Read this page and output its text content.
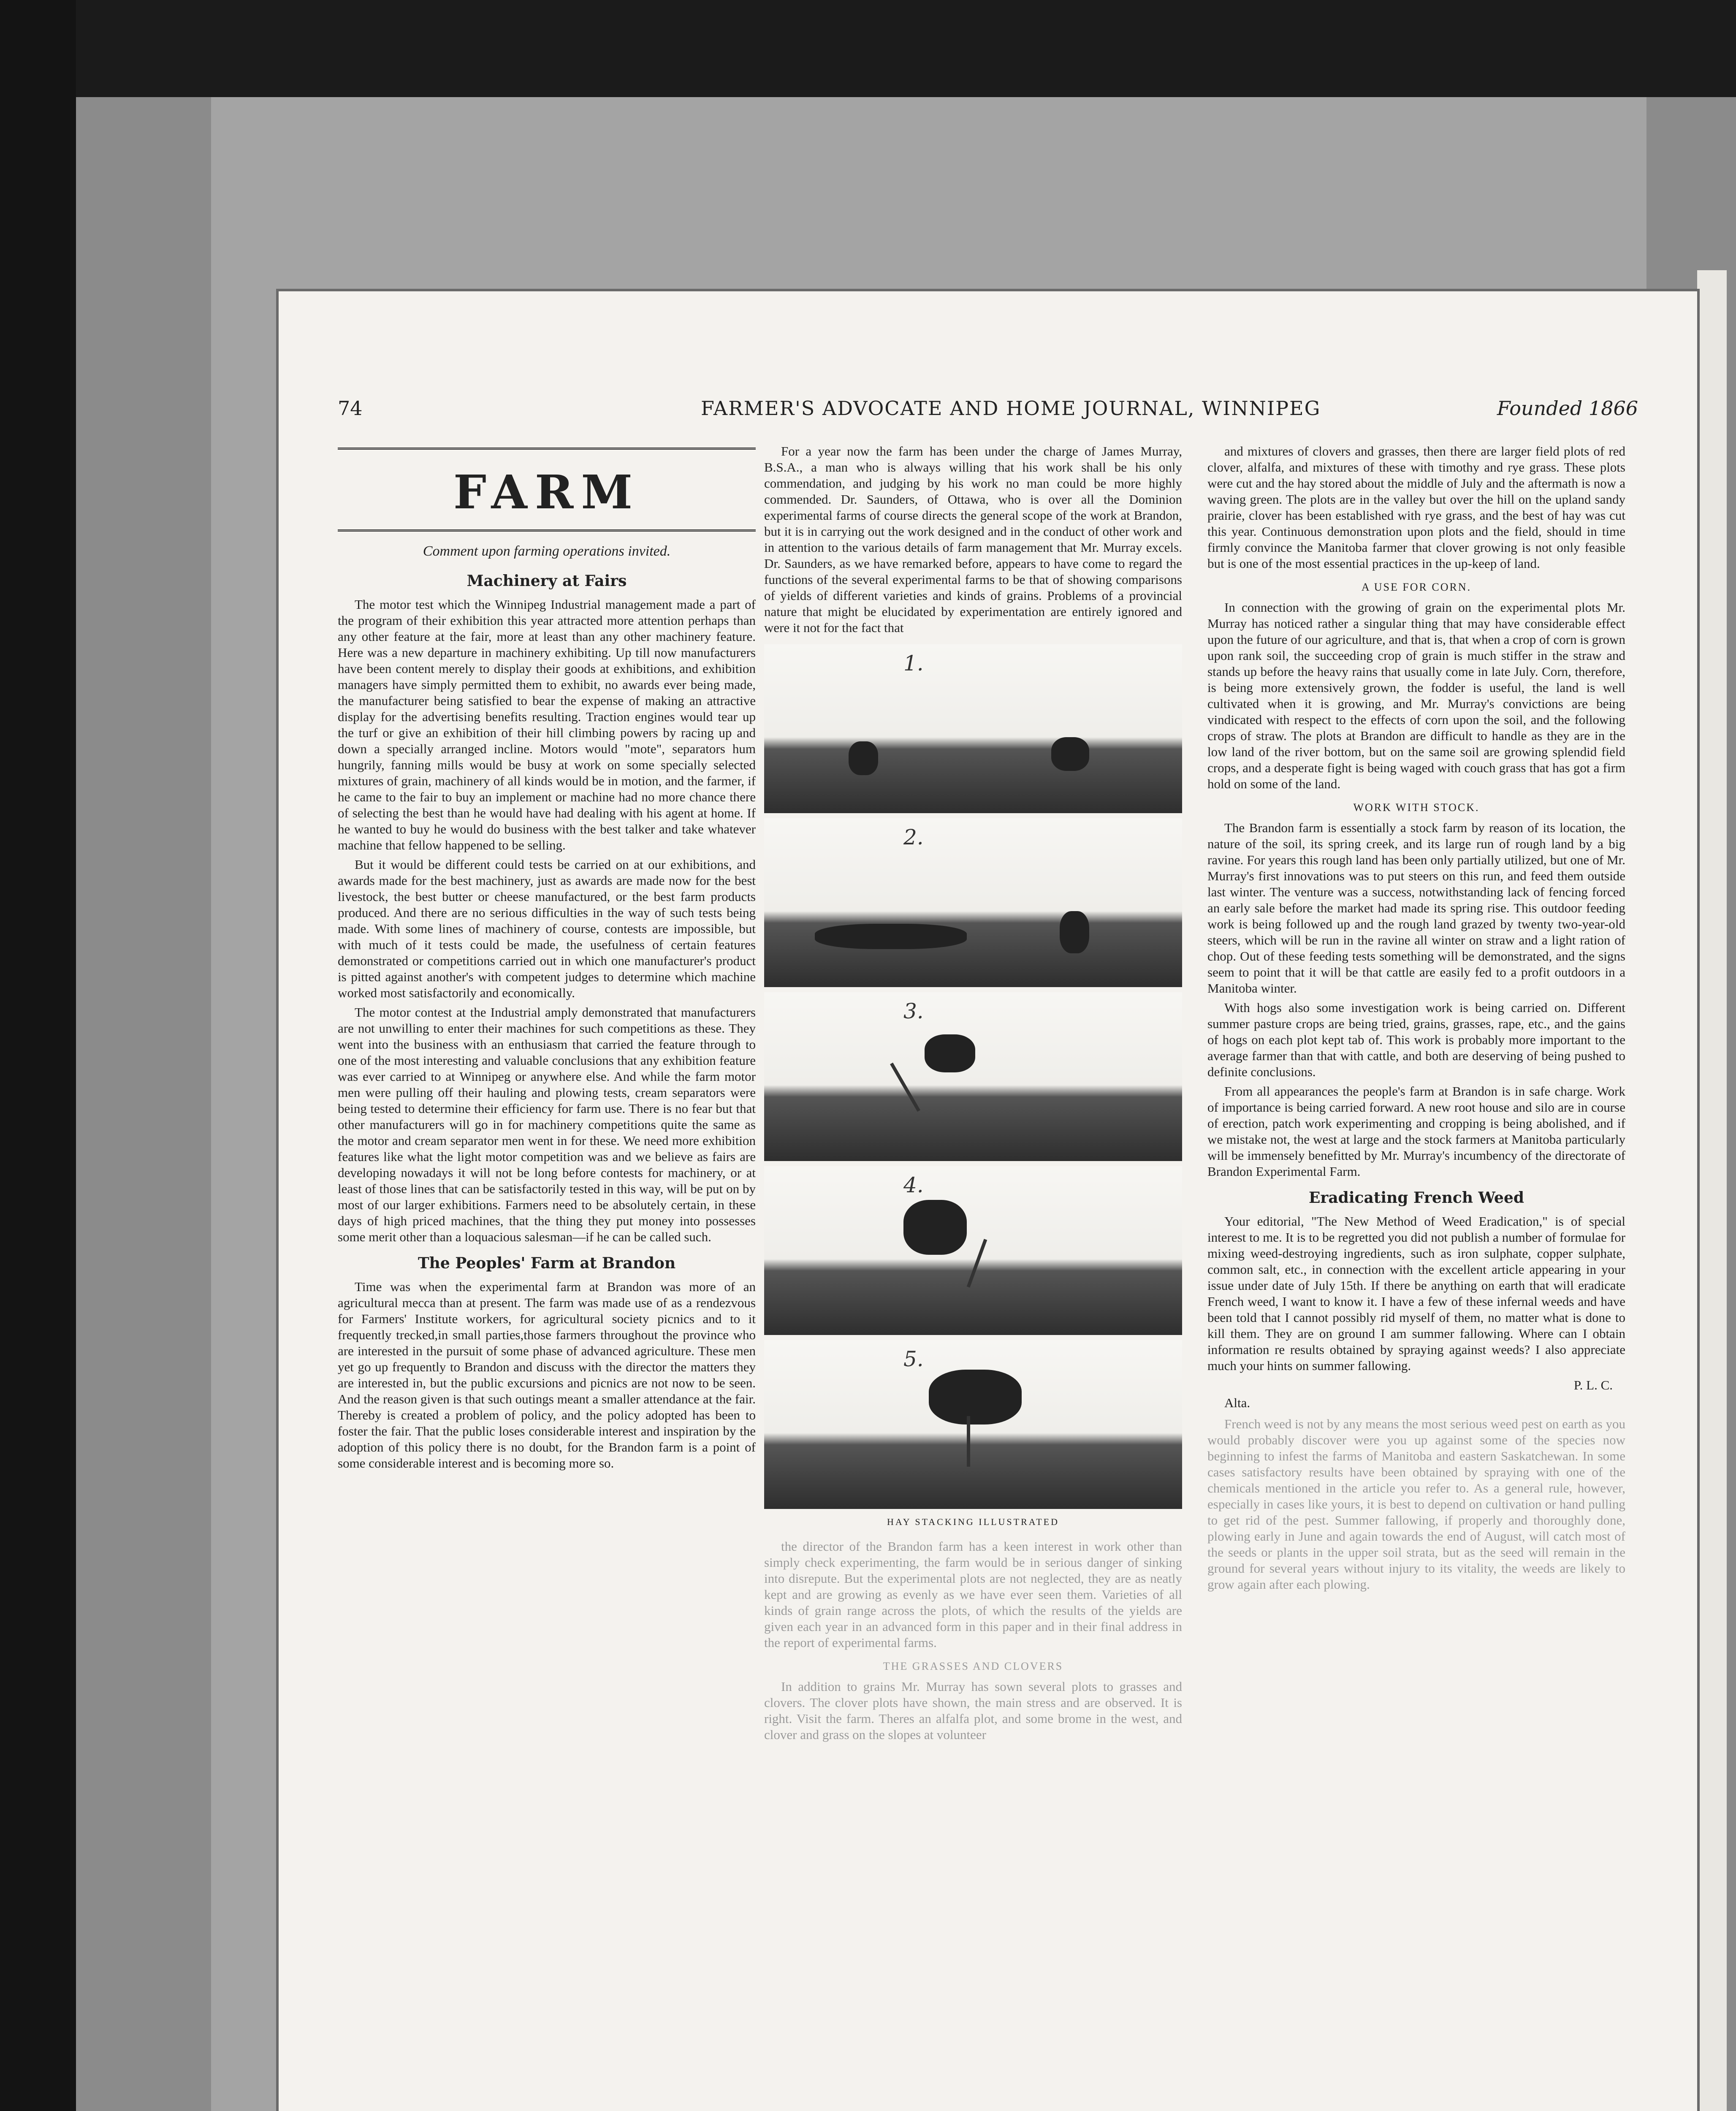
74	FARMER'S ADVOCATE AND HOME JOURNAL, WINNIPEG	Founded 1866
FARM
Comment upon farming operations invited.
Machinery at Fairs

The motor test which the Winnipeg Industrial management made a part of the program of their exhibition this year attracted more attention perhaps than any other feature at the fair, more at least than any other machinery feature. Here was a new departure in machinery exhibiting. Up till now manufacturers have been content merely to display their goods at exhibitions, and exhibition managers have simply permitted them to exhibit, no awards ever being made, the manufacturer being satisfied to bear the expense of making an attractive display for the advertising benefits resulting. Traction engines would tear up the turf or give an exhibition of their hill climbing powers by racing up and down a specially arranged incline. Motors would "mote", separators hum hungrily, fanning mills would be busy at work on some specially selected mixtures of grain, machinery of all kinds would be in motion, and the farmer, if he came to the fair to buy an implement or machine had no more chance there of selecting the best than he would have had dealing with his agent at home. If he wanted to buy he would do business with the best talker and take whatever machine that fellow happened to be selling.

But it would be different could tests be carried on at our exhibitions, and awards made for the best machinery, just as awards are made now for the best livestock, the best butter or cheese manufactured, or the best farm products produced. And there are no serious difficulties in the way of such tests being made. With some lines of machinery of course, contests are impossible, but with much of it tests could be made, the usefulness of certain features demonstrated or competitions carried out in which one manufacturer's product is pitted against another's with competent judges to determine which machine worked most satisfactorily and economically.

The motor contest at the Industrial amply demonstrated that manufacturers are not unwilling to enter their machines for such competitions as these. They went into the business with an enthusiasm that carried the feature through to one of the most interesting and valuable conclusions that any exhibition feature was ever carried to at Winnipeg or anywhere else. And while the farm motor men were pulling off their hauling and plowing tests, cream separators were being tested to determine their efficiency for farm use. There is no fear but that other manufacturers will go in for machinery competitions quite the same as the motor and cream separator men went in for these. We need more exhibition features like what the light motor competition was and we believe as fairs are developing nowadays it will not be long before contests for machinery, or at least of those lines that can be satisfactorily tested in this way, will be put on by most of our larger exhibitions. Farmers need to be absolutely certain, in these days of high priced machines, that the thing they put money into possesses some merit other than a loquacious salesman—if he can be called such.

The Peoples' Farm at Brandon

Time was when the experimental farm at Brandon was more of an agricultural mecca than at present. The farm was made use of as a rendezvous for Farmers' Institute workers, for agricultural society picnics and to it frequently trecked,in small parties,those farmers throughout the province who are interested in the pursuit of some phase of advanced agriculture. These men yet go up frequently to Brandon and discuss with the director the matters they are interested in, but the public excursions and picnics are not now to be seen. And the reason given is that such outings meant a smaller attendance at the fair. Thereby is created a problem of policy, and the policy adopted has been to foster the fair. That the public loses considerable interest and inspiration by the adoption of this policy there is no doubt, for the Brandon farm is a point of some considerable interest and is becoming more so.

For a year now the farm has been under the charge of James Murray, B.S.A., a man who is always willing that his work shall be his only commendation, and judging by his work no man could be more highly commended. Dr. Saunders, of Ottawa, who is over all the Dominion experimental farms of course directs the general scope of the work at Brandon, but it is in carrying out the work designed and in the conduct of other work and in attention to the various details of farm management that Mr. Murray excels. Dr. Saunders, as we have remarked before, appears to have come to regard the functions of the several experimental farms to be that of showing comparisons of yields of different varieties and kinds of grains. Problems of a provincial nature that might be elucidated by experimentation are entirely ignored and were it not for the fact that

1.
2.
3.
4.
5.
HAY STACKING ILLUSTRATED

the director of the Brandon farm has a keen interest in work other than simply check experimenting, the farm would be in serious danger of sinking into disrepute. But the experimental plots are not neglected, they are as neatly kept and are growing as evenly as we have ever seen them. Varieties of all kinds of grain range across the plots, of which the results of the yields are given each year in an advanced form in this paper and in their final address in the report of experimental farms.

THE GRASSES AND CLOVERS

In addition to grains Mr. Murray has sown several plots to grasses and clovers. The clover plots have shown, the main stress and are observed. It is right. Visit the farm. Theres an alfalfa plot, and some brome in the west, and clover and grass on the slopes at volunteer

and mixtures of clovers and grasses, then there are larger field plots of red clover, alfalfa, and mixtures of these with timothy and rye grass. These plots were cut and the hay stored about the middle of July and the aftermath is now a waving green. The plots are in the valley but over the hill on the upland sandy prairie, clover has been established with rye grass, and the best of hay was cut this year. Continuous demonstration upon plots and the field, should in time firmly convince the Manitoba farmer that clover growing is not only feasible but is one of the most essential practices in the up-keep of land.

A USE FOR CORN.

In connection with the growing of grain on the experimental plots Mr. Murray has noticed rather a singular thing that may have considerable effect upon the future of our agriculture, and that is, that when a crop of corn is grown upon rank soil, the succeeding crop of grain is much stiffer in the straw and stands up before the heavy rains that usually come in late July. Corn, therefore, is being more extensively grown, the fodder is useful, the land is well cultivated when it is growing, and Mr. Murray's convictions are being vindicated with respect to the effects of corn upon the soil, and the following crops of straw. The plots at Brandon are difficult to handle as they are in the low land of the river bottom, but on the same soil are growing splendid field crops, and a desperate fight is being waged with couch grass that has got a firm hold on some of the land.

WORK WITH STOCK.

The Brandon farm is essentially a stock farm by reason of its location, the nature of the soil, its spring creek, and its large run of rough land by a big ravine. For years this rough land has been only partially utilized, but one of Mr. Murray's first innovations was to put steers on this run, and feed them outside last winter. The venture was a success, notwithstanding lack of fencing forced an early sale before the market had made its spring rise. This outdoor feeding work is being followed up and the rough land grazed by twenty two-year-old steers, which will be run in the ravine all winter on straw and a light ration of chop. Out of these feeding tests something will be demonstrated, and the signs seem to point that it will be that cattle are easily fed to a profit outdoors in a Manitoba winter.

With hogs also some investigation work is being carried on. Different summer pasture crops are being tried, grains, grasses, rape, etc., and the gains of hogs on each plot kept tab of. This work is probably more important to the average farmer than that with cattle, and both are deserving of being pushed to definite conclusions.

From all appearances the people's farm at Brandon is in safe charge. Work of importance is being carried forward. A new root house and silo are in course of erection, patch work experimenting and cropping is being abolished, and if we mistake not, the west at large and the stock farmers at Manitoba particularly will be immensely benefitted by Mr. Murray's incumbency of the directorate of Brandon Experimental Farm.

Eradicating French Weed

Your editorial, "The New Method of Weed Eradication," is of special interest to me. It is to be regretted you did not publish a number of formulae for mixing weed-destroying ingredients, such as iron sulphate, copper sulphate, common salt, etc., in connection with the excellent article appearing in your issue under date of July 15th. If there be anything on earth that will eradicate French weed, I want to know it. I have a few of these infernal weeds and have been told that I cannot possibly rid myself of them, no matter what is done to kill them. They are on ground I am summer fallowing. Where can I obtain information re results obtained by spraying against weeds? I also appreciate much your hints on summer fallowing.

P. L. C.
Alta.

French weed is not by any means the most serious weed pest on earth as you would probably discover were you up against some of the species now beginning to infest the farms of Manitoba and eastern Saskatchewan. In some cases satisfactory results have been obtained by spraying with one of the chemicals mentioned in the article you refer to. As a general rule, however, especially in cases like yours, it is best to depend on cultivation or hand pulling to get rid of the pest. Summer fallowing, if properly and thoroughly done, plowing early in June and again towards the end of August, will catch most of the seeds or plants in the upper soil strata, but as the seed will remain in the ground for several years without injury to its vitality, the weeds are likely to grow again after each plowing.
